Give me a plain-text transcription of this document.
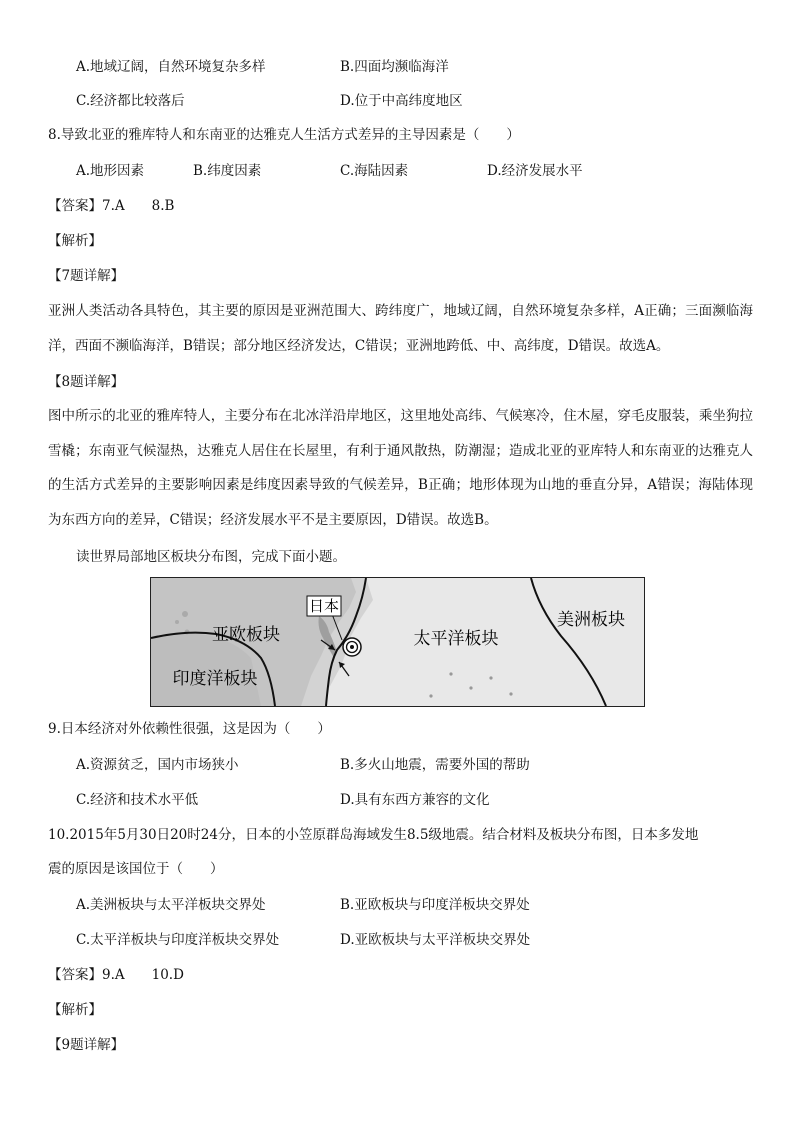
A.地域辽阔，自然环境复杂多样	B.四面均濒临海洋
C.经济都比较落后	D.位于中高纬度地区
8.导致北亚的雅库特人和东南亚的达雅克人生活方式差异的主导因素是（　　）
A.地形因素	B.纬度因素	C.海陆因素	D.经济发展水平
【答案】7.A　　8.B
【解析】
【7题详解】
亚洲人类活动各具特色，其主要的原因是亚洲范围大、跨纬度广，地域辽阔，自然环境复杂多样，A正确；三面濒临海洋，西面不濒临海洋，B错误；部分地区经济发达，C错误；亚洲地跨低、中、高纬度，D错误。故选A。
【8题详解】
图中所示的北亚的雅库特人，主要分布在北冰洋沿岸地区，这里地处高纬、气候寒冷，住木屋，穿毛皮服装，乘坐狗拉雪橇；东南亚气候湿热，达雅克人居住在长屋里，有利于通风散热，防潮湿；造成北亚的亚库特人和东南亚的达雅克人的生活方式差异的主要影响因素是纬度因素导致的气候差异，B正确；地形体现为山地的垂直分异，A错误；海陆体现为东西方向的差异，C错误；经济发展水平不是主要原因，D错误。故选B。
读世界局部地区板块分布图，完成下面小题。
日本
亚欧板块	太平洋板块
美洲板块
印度洋板块
9.日本经济对外依赖性很强，这是因为（　　）
A.资源贫乏，国内市场狭小	B.多火山地震，需要外国的帮助
C.经济和技术水平低	D.具有东西方兼容的文化
10.2015年5月30日20时24分，日本的小笠原群岛海域发生8.5级地震。结合材料及板块分布图，日本多发地
震的原因是该国位于（　　）
A.美洲板块与太平洋板块交界处	B.亚欧板块与印度洋板块交界处
C.太平洋板块与印度洋板块交界处	D.亚欧板块与太平洋板块交界处
【答案】9.A　　10.D
【解析】
【9题详解】
